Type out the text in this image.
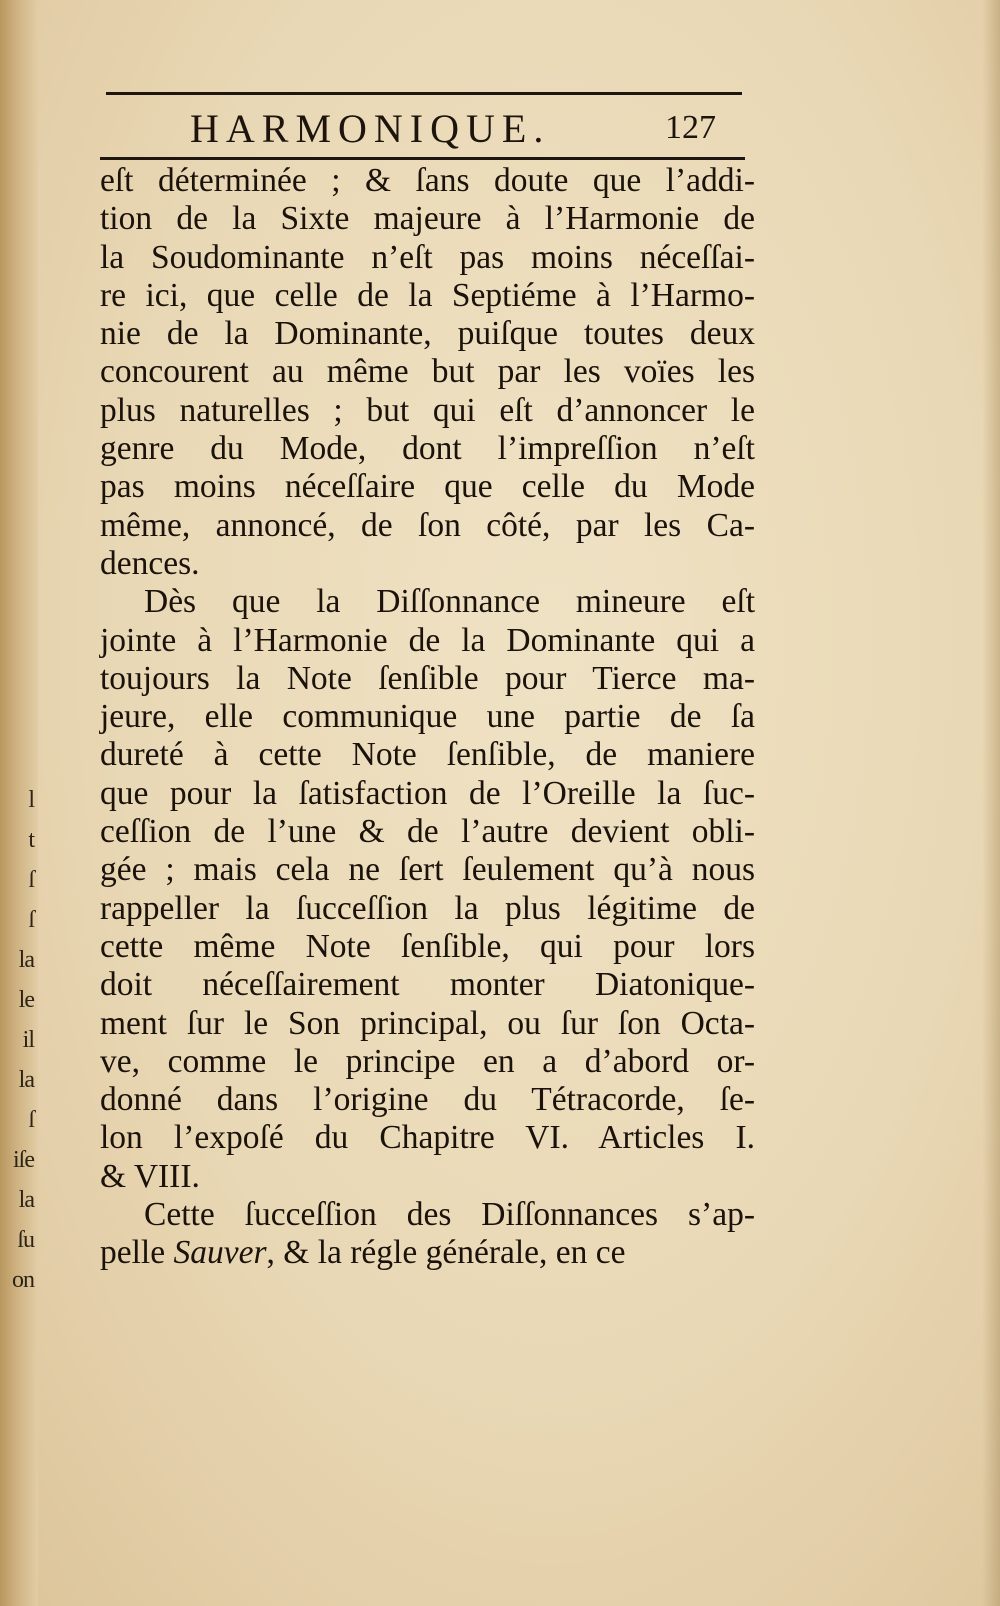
l
t
ſ
ſ
la
le
il
la
ſ
iſe
la
ſu
on
HARMONIQUE.	127
eſt déterminée ; & ſans doute que l’addi-
tion de la Sixte majeure à l’Harmonie de
la Soudominante n’eſt pas moins néceſſai-
re ici, que celle de la Septiéme à l’Harmo-
nie de la Dominante, puiſque toutes deux
concourent au même but par les voïes les
plus naturelles ; but qui eſt d’annoncer le
genre du Mode, dont l’impreſſion n’eſt
pas moins néceſſaire que celle du Mode
même, annoncé, de ſon côté, par les Ca-
dences.
Dès que la Diſſonnance mineure eſt
jointe à l’Harmonie de la Dominante qui a
toujours la Note ſenſible pour Tierce ma-
jeure, elle communique une partie de ſa
dureté à cette Note ſenſible, de maniere
que pour la ſatisfaction de l’Oreille la ſuc-
ceſſion de l’une & de l’autre devient obli-
gée ; mais cela ne ſert ſeulement qu’à nous
rappeller la ſucceſſion la plus légitime de
cette même Note ſenſible, qui pour lors
doit néceſſairement monter Diatonique-
ment ſur le Son principal, ou ſur ſon Octa-
ve, comme le principe en a d’abord or-
donné dans l’origine du Tétracorde, ſe-
lon l’expoſé du Chapitre VI. Articles I.
& VIII.
Cette ſucceſſion des Diſſonnances s’ap-
pelle Sauver, & la régle générale, en ce
